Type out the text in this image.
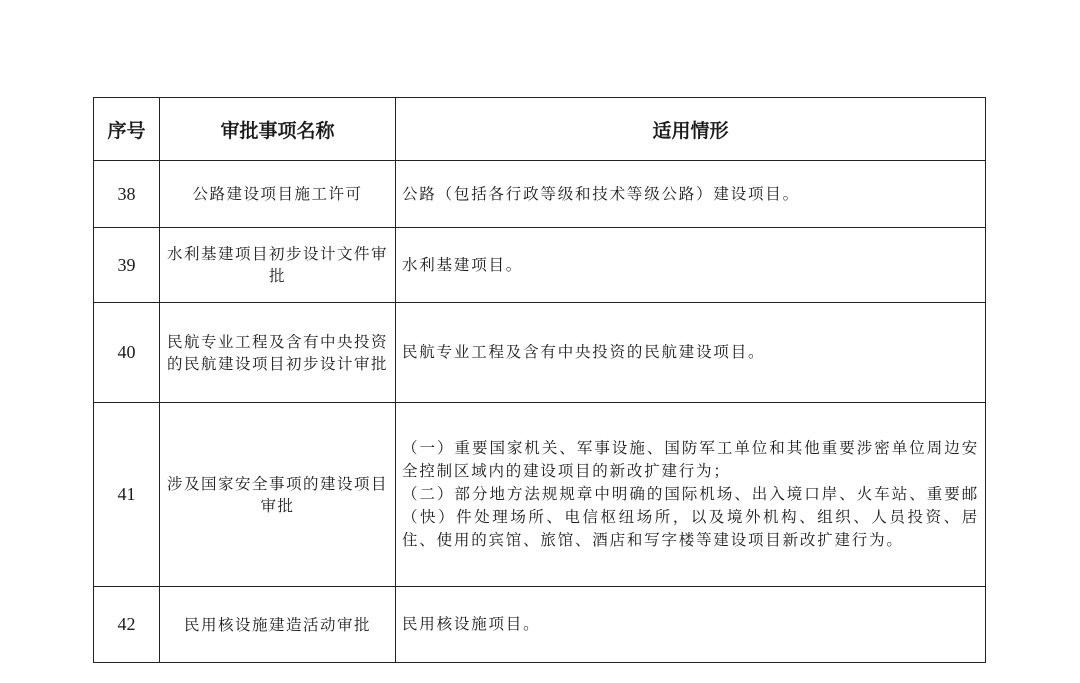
序号	审批事项名称	适用情形
38	公路建设项目施工许可	公路（包括各行政等级和技术等级公路）建设项目。

39	水利基建项目初步设计文件审批	水利基建项目。

40	民航专业工程及含有中央投资的民航建设项目初步设计审批	民航专业工程及含有中央投资的民航建设项目。

41	涉及国家安全事项的建设项目审批	（一）重要国家机关、军事设施、国防军工单位和其他重要涉密单位周边安全控制区域内的建设项目的新改扩建行为；
（二）部分地方法规规章中明确的国际机场、出入境口岸、火车站、重要邮（快）件处理场所、电信枢纽场所，以及境外机构、组织、人员投资、居住、使用的宾馆、旅馆、酒店和写字楼等建设项目新改扩建行为。

42	民用核设施建造活动审批	民用核设施项目。
